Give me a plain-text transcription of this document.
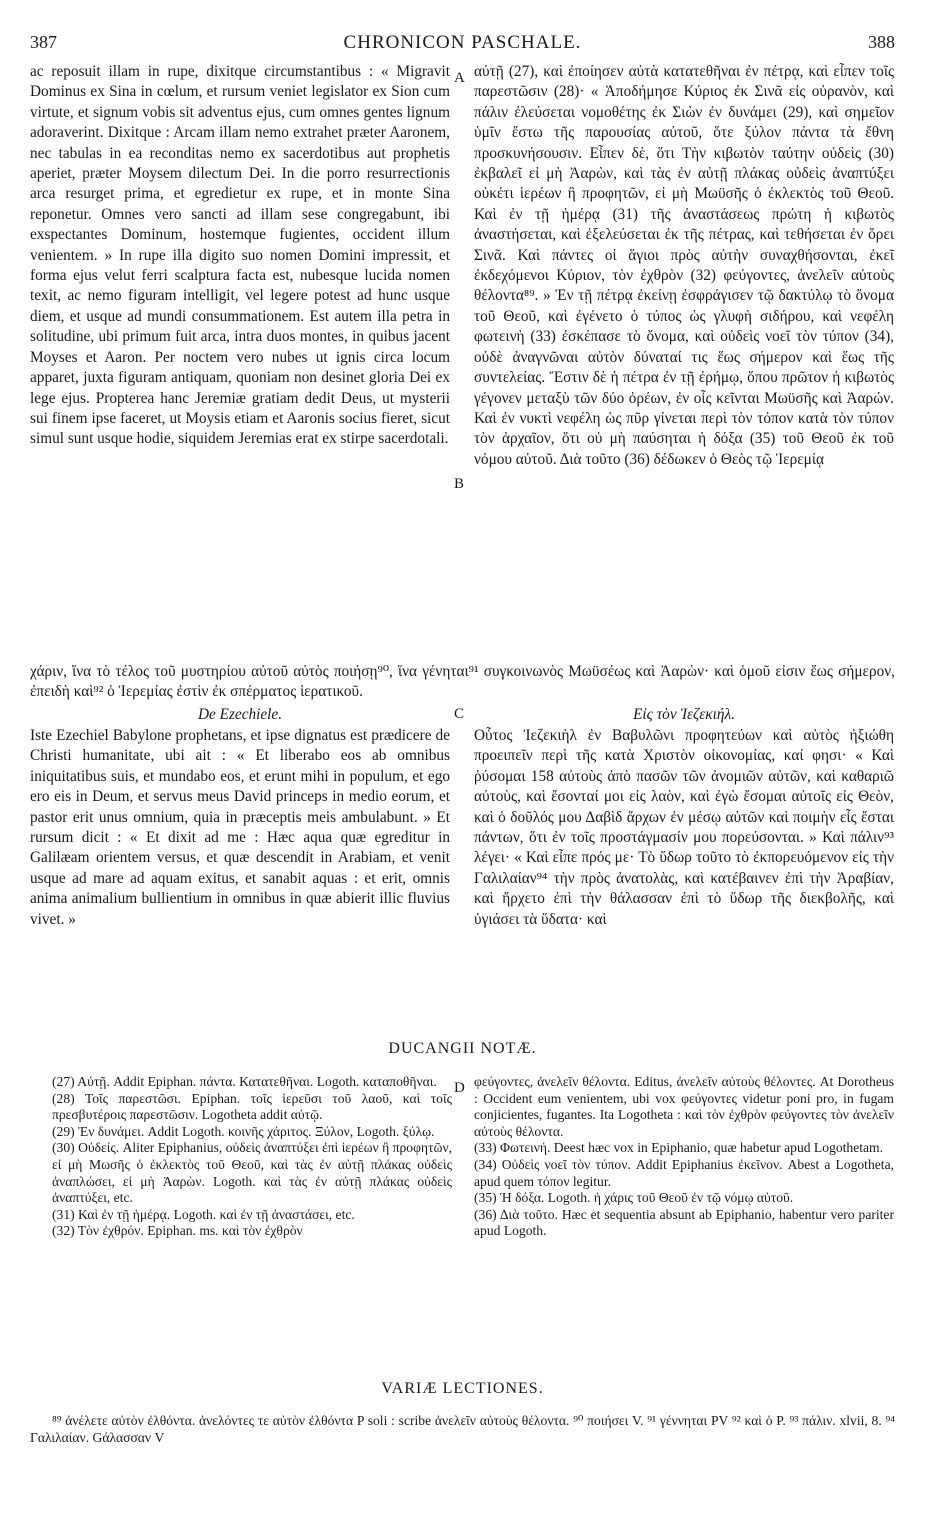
387	CHRONICON PASCHALE.	388
A
B
C
D

ac reposuit illam in rupe, dixitque circumstantibus : « Migravit Dominus ex Sina in cœlum, et rursum veniet legislator ex Sion cum virtute, et signum vobis sit adventus ejus, cum omnes gentes lignum adoraverint. Dixitque : Arcam illam nemo extrahet præter Aaronem, nec tabulas in ea reconditas nemo ex sacerdotibus aut prophetis aperiet, præter Moysem dilectum Dei. In die porro resurrectionis arca resurget prima, et egredietur ex rupe, et in monte Sina reponetur. Omnes vero sancti ad illam sese congregabunt, ibi exspectantes Dominum, hostemque fugientes, occident illum venientem. » In rupe illa digito suo nomen Domini impressit, et forma ejus velut ferri scalptura facta est, nubesque lucida nomen texit, ac nemo figuram intelligit, vel legere potest ad hunc usque diem, et usque ad mundi consummationem. Est autem illa petra in solitudine, ubi primum fuit arca, intra duos montes, in quibus jacent Moyses et Aaron. Per noctem vero nubes ut ignis circa locum apparet, juxta figuram antiquam, quoniam non desinet gloria Dei ex lege ejus. Propterea hanc Jeremiæ gratiam dedit Deus, ut mysterii sui finem ipse faceret, ut Moysis etiam et Aaronis socius fieret, sicut simul sunt usque hodie, siquidem Jeremias erat ex stirpe sacerdotali.

αὐτῇ (27), καὶ ἐποίησεν αὐτὰ κατατεθῆναι ἐν πέτρᾳ, καὶ εἶπεν τοῖς παρεστῶσιν (28)· « Ἀποδήμησε Κύριος ἐκ Σινᾶ εἰς οὐρανὸν, καὶ πάλιν ἐλεύσεται νομοθέτης ἐκ Σιὼν ἐν δυνάμει (29), καὶ σημεῖον ὑμῖν ἔστω τῆς παρουσίας αὐτοῦ, ὅτε ξύλον πάντα τὰ ἔθνη προσκυνήσουσιν. Εἶπεν δὲ, ὅτι Τὴν κιβωτὸν ταύτην οὐδεὶς (30) ἐκβαλεῖ εἰ μὴ Ἀαρὼν, καὶ τὰς ἐν αὐτῇ πλάκας οὐδεὶς ἀναπτύξει οὐκέτι ἱερέων ἢ προφητῶν, εἰ μὴ Μωϋσῆς ὁ ἐκλεκτὸς τοῦ Θεοῦ. Καὶ ἐν τῇ ἡμέρᾳ (31) τῆς ἀναστάσεως πρώτη ἡ κιβωτὸς ἀναστήσεται, καὶ ἐξελεύσεται ἐκ τῆς πέτρας, καὶ τεθήσεται ἐν ὄρει Σινᾶ. Καὶ πάντες οἱ ἅγιοι πρὸς αὐτὴν συναχθήσονται, ἐκεῖ ἐκδεχόμενοι Κύριον, τὸν ἐχθρὸν (32) φεύγοντες, ἀνελεῖν αὐτοὺς θέλοντα⁸⁹. » Ἐν τῇ πέτρᾳ ἐκείνῃ ἐσφράγισεν τῷ δακτύλῳ τὸ ὄνομα τοῦ Θεοῦ, καὶ ἐγένετο ὁ τύπος ὡς γλυφὴ σιδήρου, καὶ νεφέλη φωτεινὴ (33) ἐσκέπασε τὸ ὄνομα, καὶ οὐδεὶς νοεῖ τὸν τύπον (34), οὐδὲ ἀναγνῶναι αὐτὸν δύναταί τις ἕως σήμερον καὶ ἕως τῆς συντελείας. Ἔστιν δὲ ἡ πέτρα ἐν τῇ ἐρήμῳ, ὅπου πρῶτον ἡ κιβωτὸς γέγονεν μεταξὺ τῶν δύο ὀρέων, ἐν οἷς κεῖνται Μωϋσῆς καὶ Ἀαρών. Καὶ ἐν νυκτὶ νεφέλη ὡς πῦρ γίνεται περὶ τὸν τόπον κατὰ τὸν τύπον τὸν ἀρχαῖον, ὅτι οὐ μὴ παύσηται ἡ δόξα (35) τοῦ Θεοῦ ἐκ τοῦ νόμου αὐτοῦ. Διὰ τοῦτο (36) δέδωκεν ὁ Θεὸς τῷ Ἱερεμίᾳ

χάριν, ἵνα τὸ τέλος τοῦ μυστηρίου αὐτοῦ αὐτὸς ποιήσῃ⁹⁰, ἵνα γένηται⁹¹ συγκοινωνὸς Μωϋσέως καὶ Ἀαρὼν· καὶ ὁμοῦ εἰσιν ἕως σήμερον, ἐπειδὴ καὶ⁹² ὁ Ἱερεμίας ἐστὶν ἐκ σπέρματος ἱερατικοῦ.

De Ezechiele.	Εἰς τὸν Ἰεζεκιήλ.

Iste Ezechiel Babylone prophetans, et ipse dignatus est prædicere de Christi humanitate, ubi ait : « Et liberabo eos ab omnibus iniquitatibus suis, et mundabo eos, et erunt mihi in populum, et ego ero eis in Deum, et servus meus David princeps in medio eorum, et pastor erit unus omnium, quia in præceptis meis ambulabunt. » Et rursum dicit : « Et dixit ad me : Hæc aqua quæ egreditur in Galilæam orientem versus, et quæ descendit in Arabiam, et venit usque ad mare ad aquam exitus, et sanabit aquas : et erit, omnis anima animalium bullientium in omnibus in quæ abierit illic fluvius vivet. »

Οὗτος Ἰεζεκιὴλ ἐν Βαβυλῶνι προφητεύων καὶ αὐτὸς ἠξιώθη προειπεῖν περὶ τῆς κατὰ Χριστὸν οἰκονομίας, καί φησι· « Καὶ ῥύσομαι 158 αὐτοὺς ἀπὸ πασῶν τῶν ἀνομιῶν αὐτῶν, καὶ καθαριῶ αὐτοὺς, καὶ ἔσονταί μοι εἰς λαὸν, καὶ ἐγὼ ἔσομαι αὐτοῖς εἰς Θεὸν, καὶ ὁ δοῦλός μου Δαβὶδ ἄρχων ἐν μέσῳ αὐτῶν καὶ ποιμὴν εἷς ἔσται πάντων, ὅτι ἐν τοῖς προστάγμασίν μου πορεύσονται. » Καὶ πάλιν⁹³ λέγει· « Καὶ εἶπε πρός με· Τὸ ὕδωρ τοῦτο τὸ ἐκπορευόμενον εἰς τὴν Γαλιλαίαν⁹⁴ τὴν πρὸς ἀνατολὰς, καὶ κατέβαινεν ἐπὶ τὴν Ἀραβίαν, καὶ ἤρχετο ἐπὶ τὴν θάλασσαν ἐπὶ τὸ ὕδωρ τῆς διεκβολῆς, καὶ ὑγιάσει τὰ ὕδατα· καὶ

DUCANGII NOTÆ.

(27) Αὐτῇ. Addit Epiphan. πάντα. Κατατεθῆναι. Logoth. καταποθῆναι.

(28) Τοῖς παρεστῶσι. Epiphan. τοῖς ἱερεῦσι τοῦ λαοῦ, καὶ τοῖς πρεσβυτέροις παρεστῶσιν. Logotheta addit αὐτῷ.

(29) Ἐν δυνάμει. Addit Logoth. κοινῆς χάριτος. Ξύλον, Logoth. ξύλῳ.

(30) Οὐδείς. Aliter Epiphanius, οὐδεὶς ἀναπτύξει ἐπὶ ἱερέων ἢ προφητῶν, εἰ μὴ Μωσῆς ὁ ἐκλεκτὸς τοῦ Θεοῦ, καὶ τὰς ἐν αὐτῇ πλάκας οὐδεὶς ἀναπλώσει, εἰ μὴ Ἀαρὼν. Logoth. καὶ τὰς ἐν αὐτῇ πλάκας οὐδεὶς ἀναπτύξει, etc.

(31) Καὶ ἐν τῇ ἡμέρᾳ. Logoth. καὶ ἐν τῇ ἀναστάσει, etc.

(32) Τὸν ἐχθρόν. Epiphan. ms. καὶ τὸν ἐχθρὸν

φεύγοντες, ἀνελεῖν θέλοντα. Editus, ἀνελεῖν αὐτοὺς θέλοντες. At Dorotheus : Occident eum venientem, ubi vox φεύγοντες videtur poni pro, in fugam conjicientes, fugantes. Ita Logotheta : καὶ τὸν ἐχθρὸν φεύγοντες τὸν ἀνελεῖν αὐτοὺς θέλοντα.

(33) Φωτεινή. Deest hæc vox in Epiphanio, quæ habetur apud Logothetam.

(34) Οὐδεὶς νοεῖ τὸν τύπον. Addit Epiphanius ἐκεῖνον. Abest a Logotheta, apud quem τόπον legitur.

(35) Ἡ δόξα. Logoth. ἡ χάρις τοῦ Θεοῦ ἐν τῷ νόμῳ αὐτοῦ.

(36) Διὰ τοῦτο. Hæc et sequentia absunt ab Epiphanio, habentur vero pariter apud Logoth.

VARIÆ LECTIONES.
⁸⁹ ἀνέλετε αὐτὸν ἐλθόντα. ἀνελόντες τε αὐτὸν ἐλθόντα P soli : scribe ἀνελεῖν αὐτοὺς θέλοντα. ⁹⁰ ποιήσει V. ⁹¹ γέννηται PV ⁹² καὶ ὁ P. ⁹³ πάλιν. xlvii, 8. ⁹⁴ Γαλιλαίαν. Gάλασσαν V
